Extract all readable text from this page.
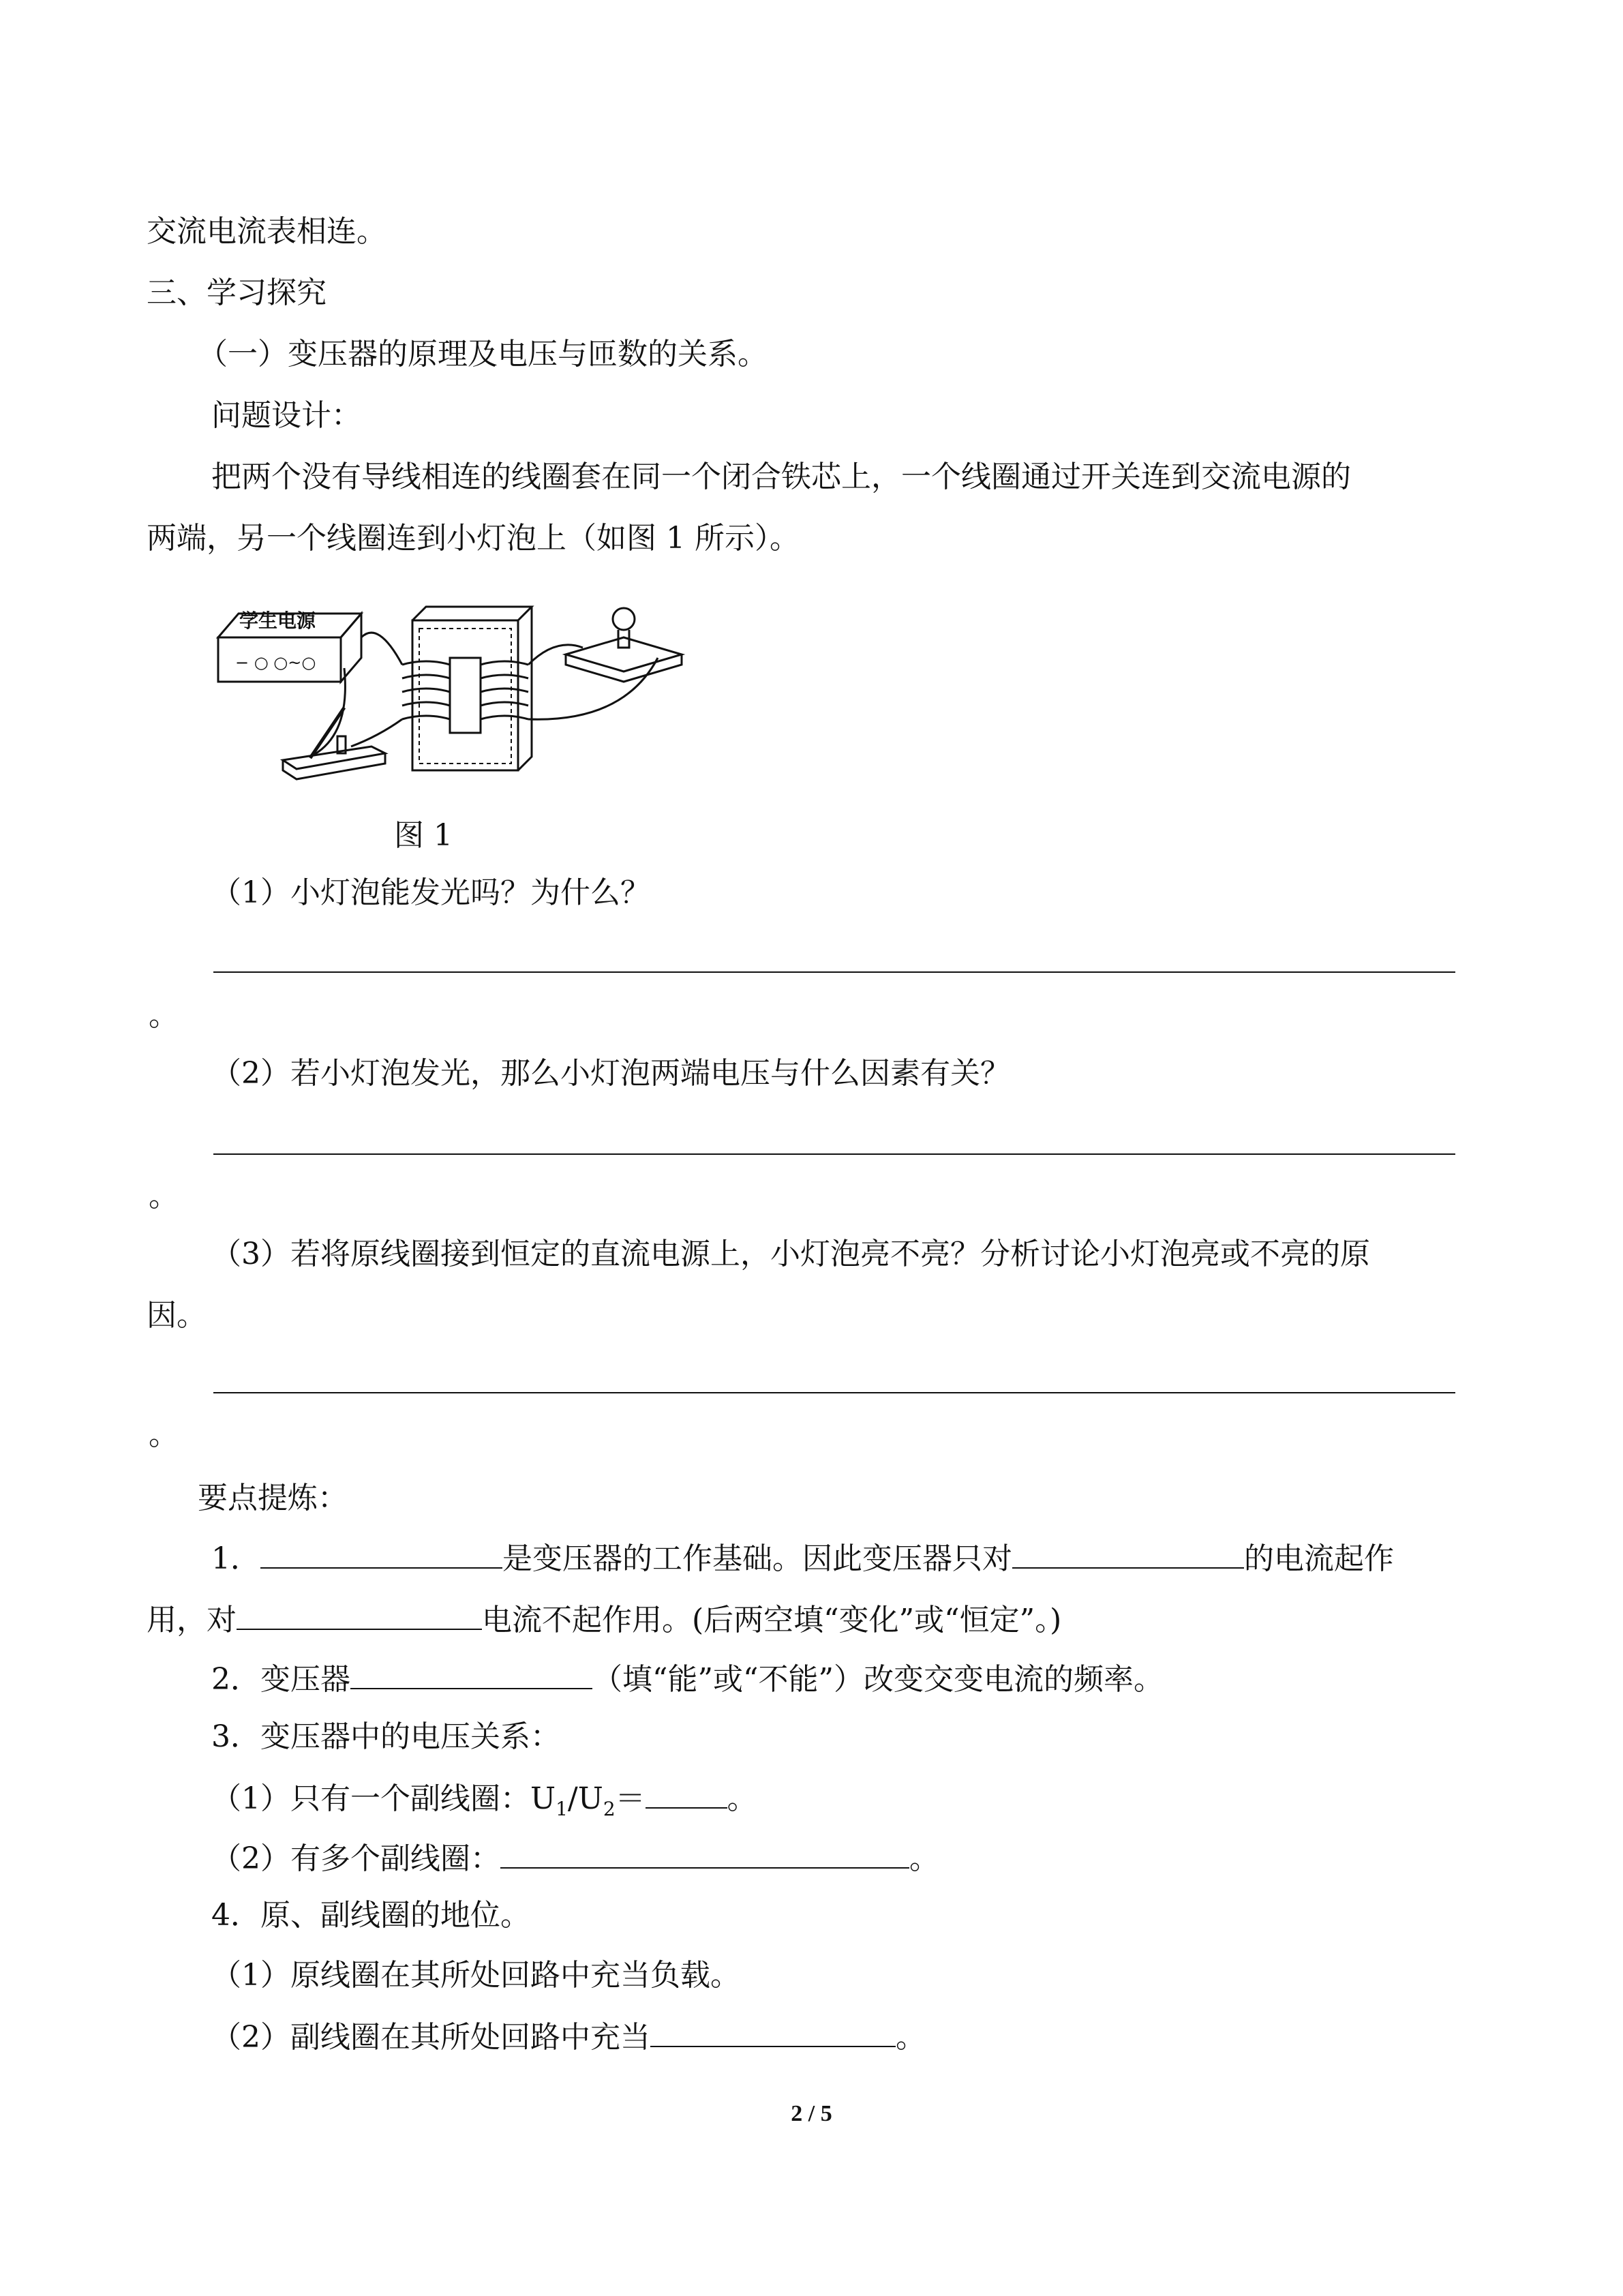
交流电流表相连。
三、学习探究
（一）变压器的原理及电压与匝数的关系。
问题设计：
把两个没有导线相连的线圈套在同一个闭合铁芯上，一个线圈通过开关连到交流电源的
两端，另一个线圈连到小灯泡上（如图 1 所示）。
学生电源
− ○ ○~○
图 1
（1）小灯泡能发光吗？为什么？
。
（2）若小灯泡发光，那么小灯泡两端电压与什么因素有关？
。
（3）若将原线圈接到恒定的直流电源上，小灯泡亮不亮？分析讨论小灯泡亮或不亮的原
因。
。
要点提炼：
1．	是变压器的工作基础。因此变压器只对	的电流起作
用，对	电流不起作用。(后两空填“变化”或“恒定”。)
2．变压器	（填“能”或“不能”）改变交变电流的频率。
3．变压器中的电压关系：
（1）只有一个副线圈：$U_1/U_2=$	。
（2）有多个副线圈：	。
4．原、副线圈的地位。
（1）原线圈在其所处回路中充当负载。
（2）副线圈在其所处回路中充当	。
2 / 5
